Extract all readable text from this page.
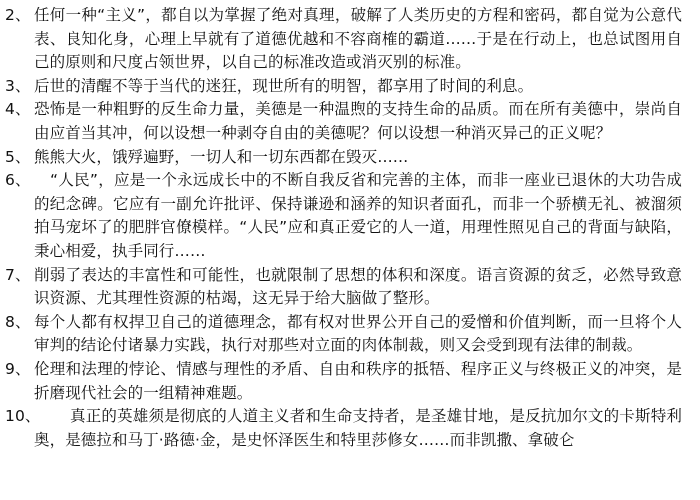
2、 任何一种“主义”，都自以为掌握了绝对真理，破解了人类历史的方程和密码，都自觉为公意代表、良知化身，心理上早就有了道德优越和不容商榷的霸道……于是在行动上，也总试图用自己的原则和尺度占领世界，以自己的标准改造或消灭别的标准。
3、 后世的清醒不等于当代的迷狂，现世所有的明智，都享用了时间的利息。
4、 恐怖是一种粗野的反生命力量，美德是一种温煦的支持生命的品质。而在所有美德中，崇尚自由应首当其冲，何以设想一种剥夺自由的美德呢？何以设想一种消灭异己的正义呢？
5、 熊熊大火，饿殍遍野，一切人和一切东西都在毁灭……
6、	“人民”，应是一个永远成长中的不断自我反省和完善的主体，而非一座业已退休的大功告成的纪念碑。它应有一副允许批评、保持谦逊和涵养的知识者面孔，而非一个骄横无礼、被溜须拍马宠坏了的肥胖官僚模样。“人民”应和真正爱它的人一道，用理性照见自己的背面与缺陷，秉心相爱，执手同行……
7、 削弱了表达的丰富性和可能性，也就限制了思想的体积和深度。语言资源的贫乏，必然导致意识资源、尤其理性资源的枯竭，这无异于给大脑做了整形。
8、 每个人都有权捍卫自己的道德理念，都有权对世界公开自己的爱憎和价值判断，而一旦将个人审判的结论付诸暴力实践，执行对那些对立面的肉体制裁，则又会受到现有法律的制裁。
9、 伦理和法理的悖论、情感与理性的矛盾、自由和秩序的抵牾、程序正义与终极正义的冲突，是折磨现代社会的一组精神难题。
10、	真正的英雄须是彻底的人道主义者和生命支持者，是圣雄甘地，是反抗加尔文的卡斯特利奥，是德拉和马丁·路德·金，是史怀泽医生和特里莎修女……而非凯撒、拿破仑
